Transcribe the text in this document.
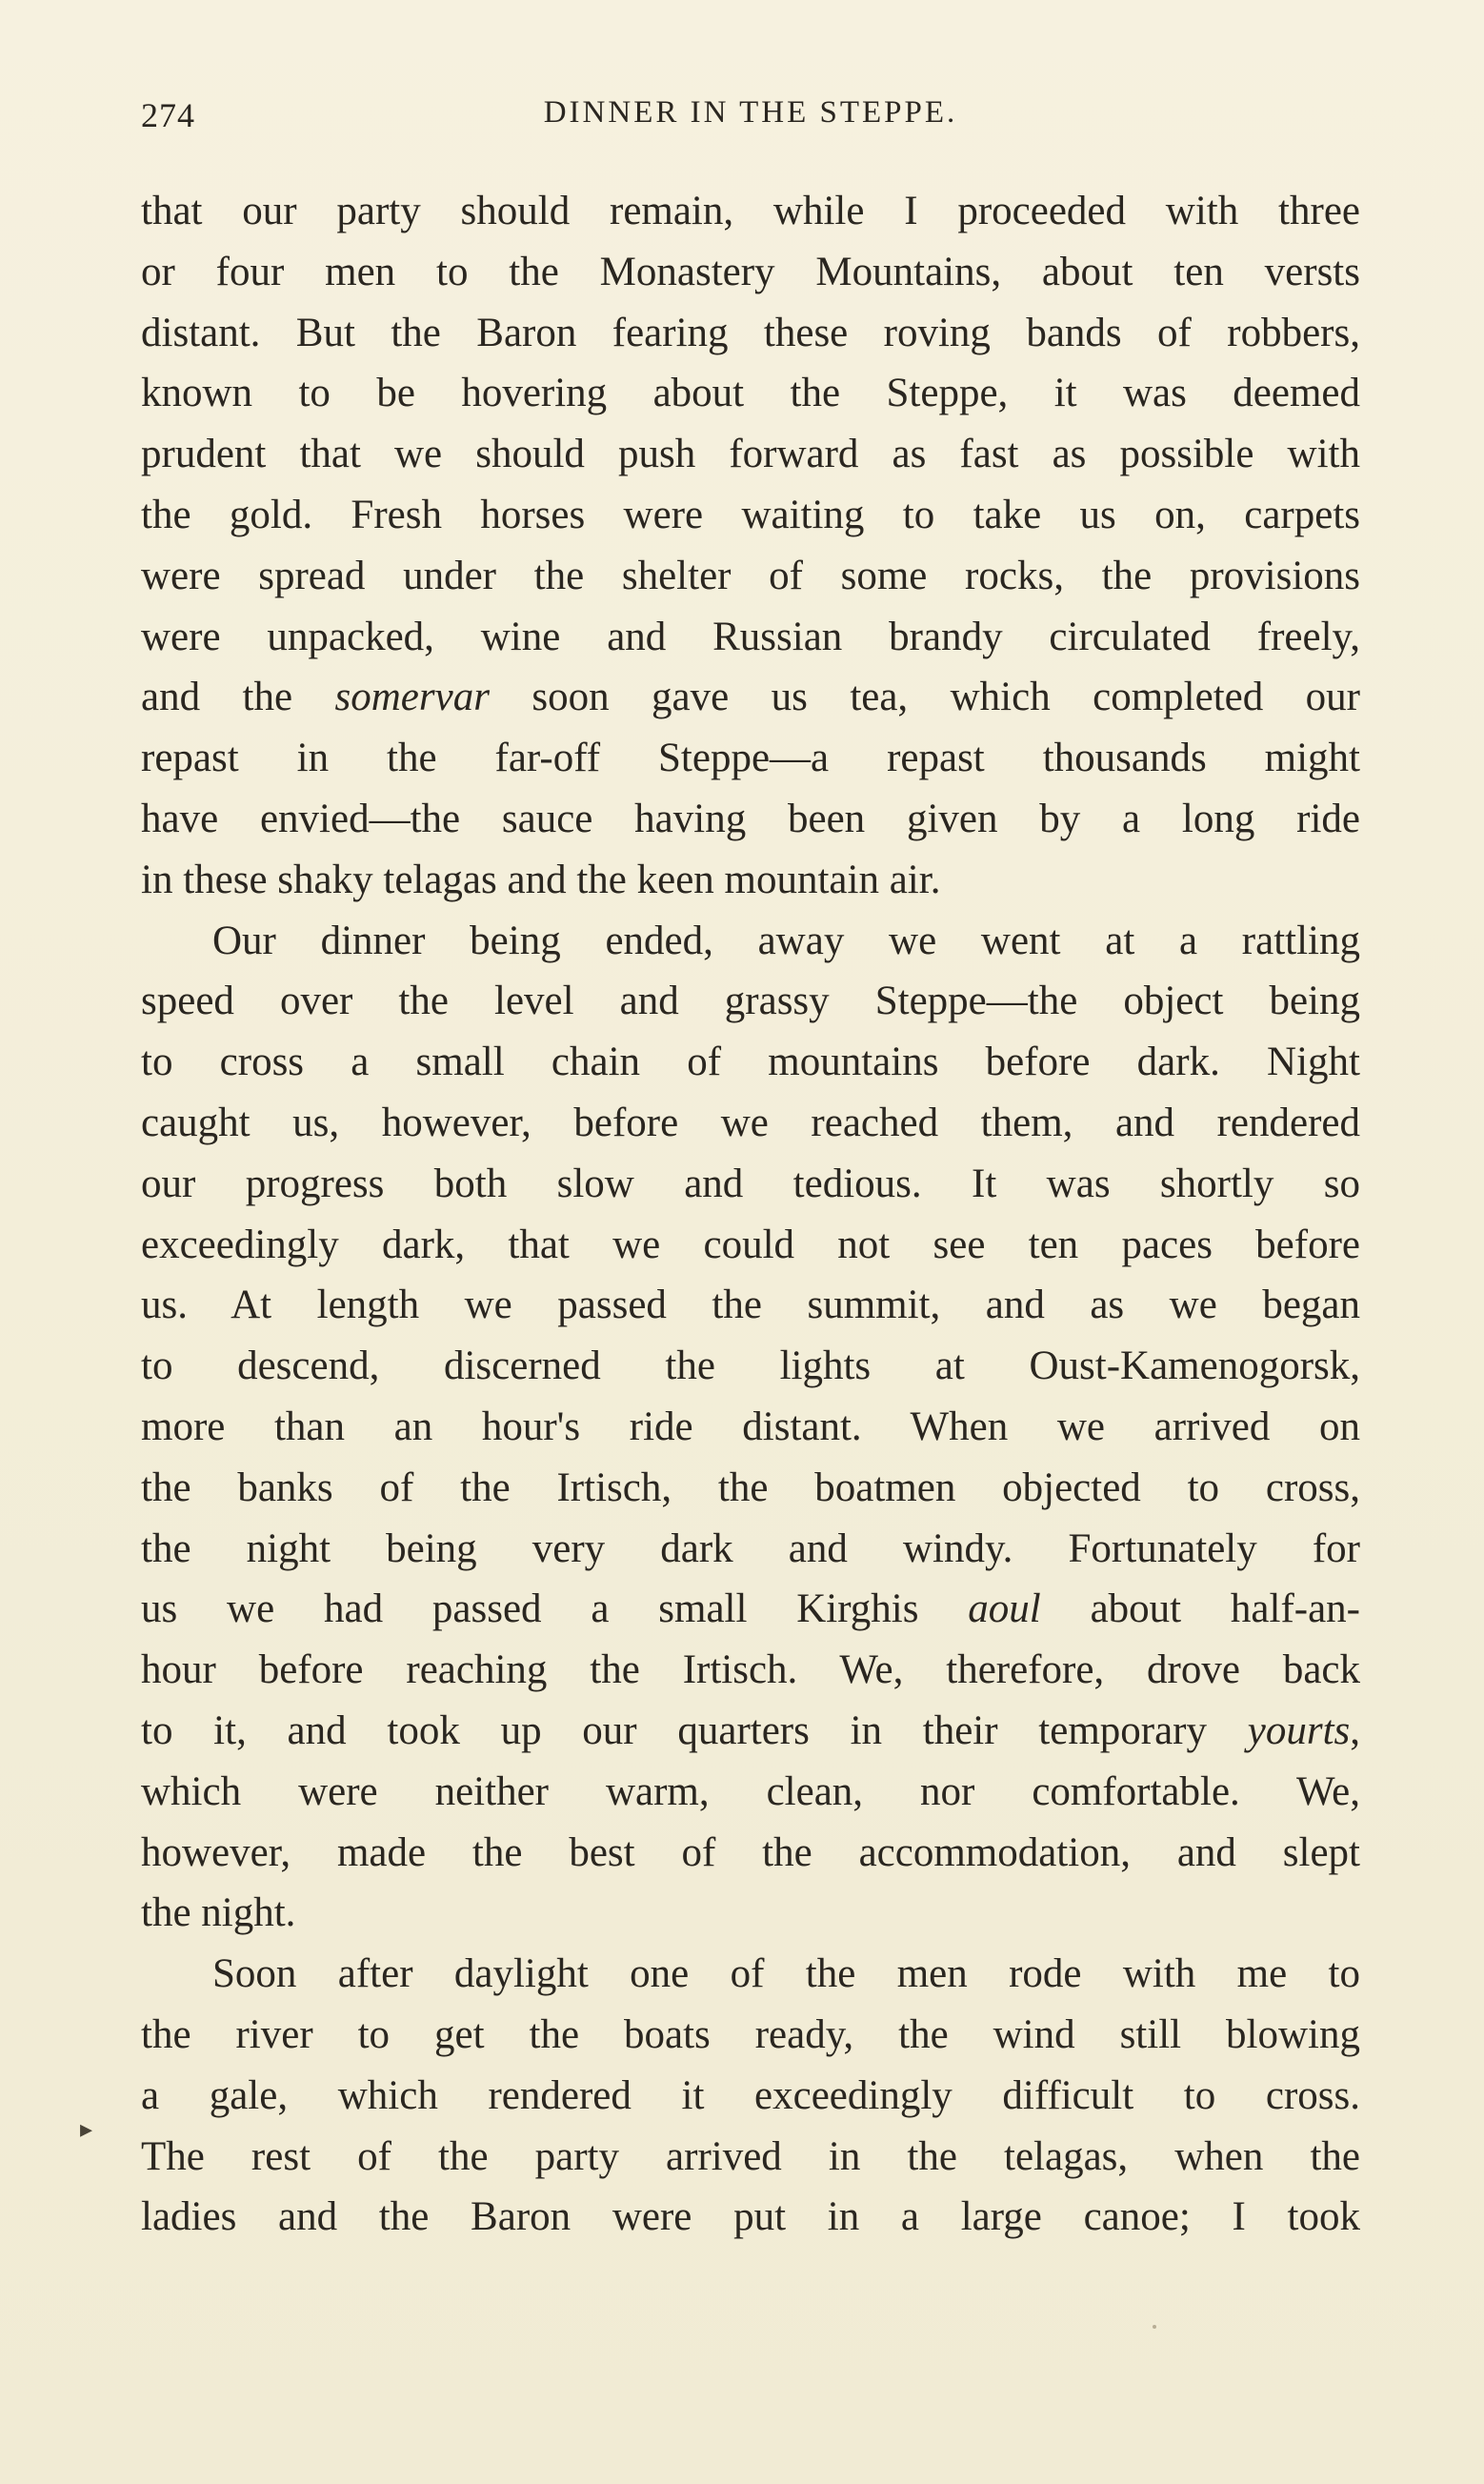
274	DINNER IN THE STEPPE.
that our party should remain, while I proceeded with three
or four men to the Monastery Mountains, about ten versts
distant. But the Baron fearing these roving bands of robbers,
known to be hovering about the Steppe, it was deemed
prudent that we should push forward as fast as possible with
the gold. Fresh horses were waiting to take us on, carpets
were spread under the shelter of some rocks, the provisions
were unpacked, wine and Russian brandy circulated freely,
and the somervar soon gave us tea, which completed our
repast in the far-off Steppe—a repast thousands might
have envied—the sauce having been given by a long ride
in these shaky telagas and the keen mountain air.
Our dinner being ended, away we went at a rattling
speed over the level and grassy Steppe—the object being
to cross a small chain of mountains before dark. Night
caught us, however, before we reached them, and rendered
our progress both slow and tedious. It was shortly so
exceedingly dark, that we could not see ten paces before
us. At length we passed the summit, and as we began
to descend, discerned the lights at Oust-Kamenogorsk,
more than an hour's ride distant. When we arrived on
the banks of the Irtisch, the boatmen objected to cross,
the night being very dark and windy. Fortunately for
us we had passed a small Kirghis aoul about half-an-
hour before reaching the Irtisch. We, therefore, drove back
to it, and took up our quarters in their temporary yourts,
which were neither warm, clean, nor comfortable. We,
however, made the best of the accommodation, and slept
the night.
Soon after daylight one of the men rode with me to
the river to get the boats ready, the wind still blowing
a gale, which rendered it exceedingly difficult to cross.
The rest of the party arrived in the telagas, when the
ladies and the Baron were put in a large canoe; I took
▸
